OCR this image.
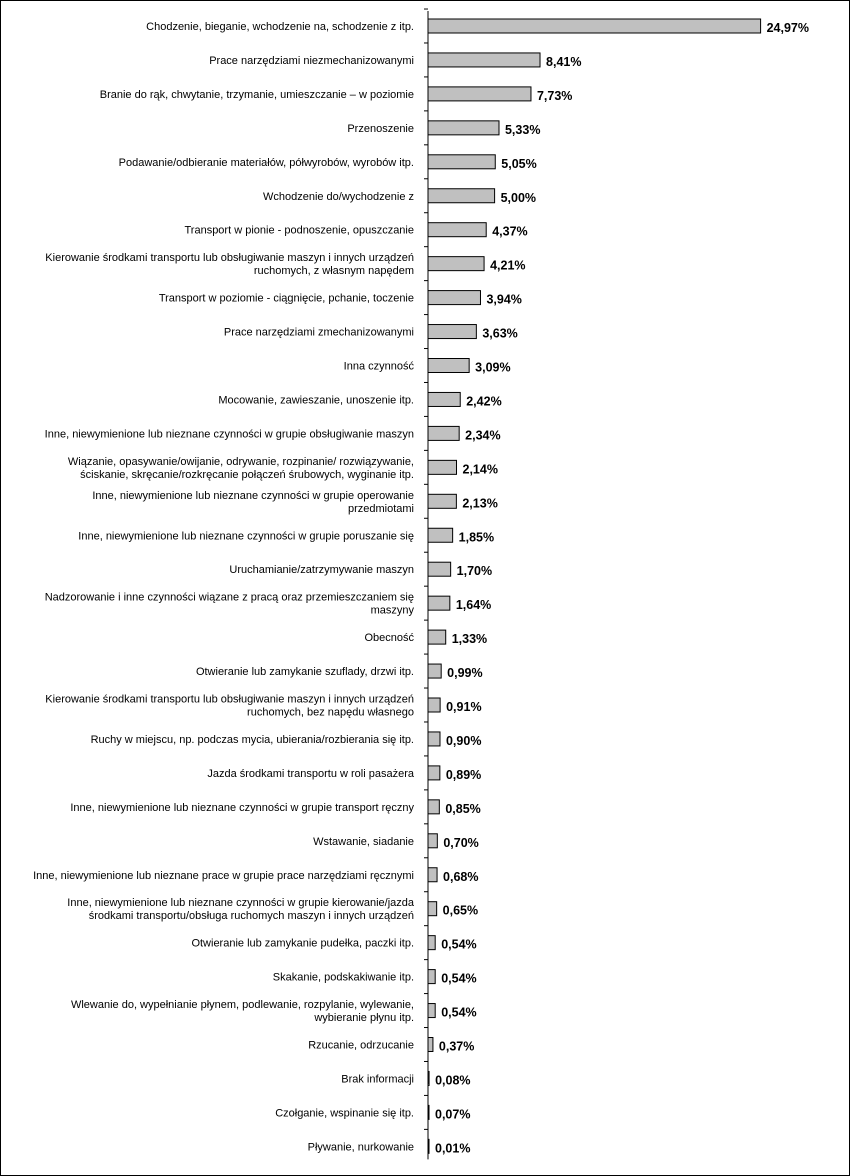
Chodzenie, bieganie, wchodzenie na, schodzenie z itp.	24,97%
Prace narzędziami niezmechanizowanymi	8,41%
Branie do rąk, chwytanie, trzymanie, umieszczanie – w poziomie	7,73%
Przenoszenie	5,33%
Podawanie/odbieranie materiałów, półwyrobów, wyrobów itp.	5,05%
Wchodzenie do/wychodzenie z	5,00%
Transport w pionie - podnoszenie, opuszczanie	4,37%
Kierowanie środkami transportu lub obsługiwanie maszyn i innych urządzeń ruchomych, z własnym napędem	4,21%
Transport w poziomie - ciągnięcie, pchanie, toczenie	3,94%
Prace narzędziami zmechanizowanymi	3,63%
Inna czynność	3,09%
Mocowanie, zawieszanie, unoszenie itp.	2,42%
Inne, niewymienione lub nieznane czynności w grupie obsługiwanie maszyn	2,34%
Wiązanie, opasywanie/owijanie, odrywanie, rozpinanie/ rozwiązywanie, ściskanie, skręcanie/rozkręcanie połączeń śrubowych, wyginanie itp.	2,14%
Inne, niewymienione lub nieznane czynności w grupie operowanie przedmiotami	2,13%
Inne, niewymienione lub nieznane czynności w grupie poruszanie się	1,85%
Uruchamianie/zatrzymywanie maszyn	1,70%
Nadzorowanie i inne czynności wiązane z pracą oraz przemieszczaniem się maszyny	1,64%
Obecność	1,33%
Otwieranie lub zamykanie szuflady, drzwi itp.	0,99%
Kierowanie środkami transportu lub obsługiwanie maszyn i innych urządzeń ruchomych, bez napędu własnego	0,91%
Ruchy w miejscu, np. podczas mycia, ubierania/rozbierania się itp.	0,90%
Jazda środkami transportu w roli pasażera	0,89%
Inne, niewymienione lub nieznane czynności w grupie transport ręczny	0,85%
Wstawanie, siadanie 0,70%
Inne, niewymienione lub nieznane prace w grupie prace narzędziami ręcznymi 0,68%
Inne, niewymienione lub nieznane czynności w grupie kierowanie/jazda środkami transportu/obsługa ruchomych maszyn i innych urządzeń 0,65%
Otwieranie lub zamykanie pudełka, paczki itp. 0,54%
Skakanie, podskakiwanie itp. 0,54%
Wlewanie do, wypełnianie płynem, podlewanie, rozpylanie, wylewanie, wybieranie płynu itp. 0,54%
Rzucanie, odrzucanie 0,37%
Brak informacji 0,08%
Czołganie, wspinanie się itp. 0,07%
Pływanie, nurkowanie 0,01%
